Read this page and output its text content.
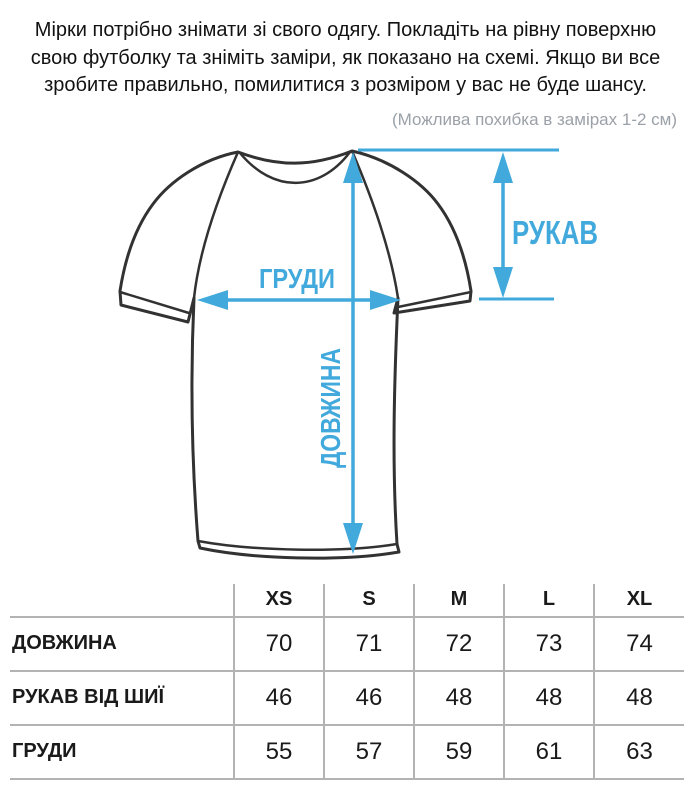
Мірки потрібно знімати зі свого одягу. Покладіть на рівну поверхню свою футболку та зніміть заміри, як показано на схемі. Якщо ви все зробите правильно, помилитися з розміром у вас не буде шансу.

(Можлива похибка в замірах 1-2 см)

ГРУДИ
ДОВЖИНА
РУКАВ
	XS	S	M	L	XL
ДОВЖИНА	70	71	72	73	74
РУКАВ ВІД ШИЇ	46	46	48	48	48
ГРУДИ	55	57	59	61	63
